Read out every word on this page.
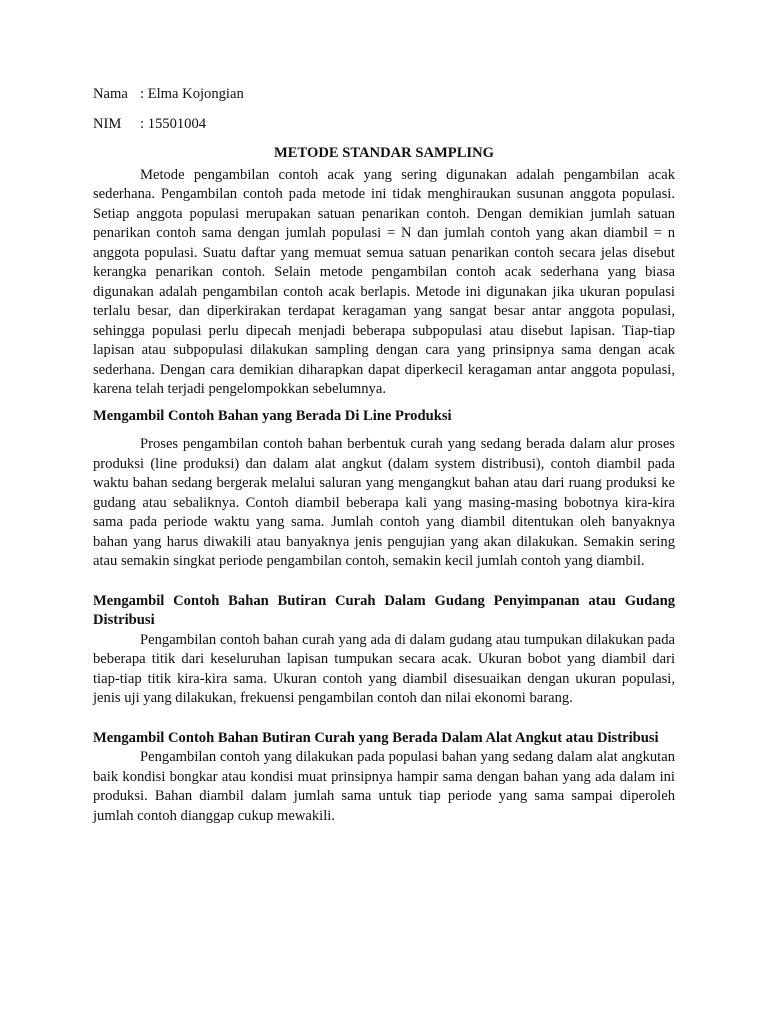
Nama : Elma Kojongian
NIM : 15501004
METODE STANDAR SAMPLING

Metode pengambilan contoh acak yang sering digunakan adalah pengambilan acak sederhana. Pengambilan contoh pada metode ini tidak menghiraukan susunan anggota populasi. Setiap anggota populasi merupakan satuan penarikan contoh. Dengan demikian jumlah satuan penarikan contoh sama dengan jumlah populasi = N dan jumlah contoh yang akan diambil = n anggota populasi. Suatu daftar yang memuat semua satuan penarikan contoh secara jelas disebut kerangka penarikan contoh. Selain metode pengambilan contoh acak sederhana yang biasa digunakan adalah pengambilan contoh acak berlapis. Metode ini digunakan jika ukuran populasi terlalu besar, dan diperkirakan terdapat keragaman yang sangat besar antar anggota populasi, sehingga populasi perlu dipecah menjadi beberapa subpopulasi atau disebut lapisan. Tiap-tiap lapisan atau subpopulasi dilakukan sampling dengan cara yang prinsipnya sama dengan acak sederhana. Dengan cara demikian diharapkan dapat diperkecil keragaman antar anggota populasi, karena telah terjadi pengelompokkan sebelumnya.

Mengambil Contoh Bahan yang Berada Di Line Produksi

Proses pengambilan contoh bahan berbentuk curah yang sedang berada dalam alur proses produksi (line produksi) dan dalam alat angkut (dalam system distribusi), contoh diambil pada waktu bahan sedang bergerak melalui saluran yang mengangkut bahan atau dari ruang produksi ke gudang atau sebaliknya. Contoh diambil beberapa kali yang masing-masing bobotnya kira-kira sama pada periode waktu yang sama. Jumlah contoh yang diambil ditentukan oleh banyaknya bahan yang harus diwakili atau banyaknya jenis pengujian yang akan dilakukan. Semakin sering atau semakin singkat periode pengambilan contoh, semakin kecil jumlah contoh yang diambil.

Mengambil Contoh Bahan Butiran Curah Dalam Gudang Penyimpanan atau Gudang Distribusi

Pengambilan contoh bahan curah yang ada di dalam gudang atau tumpukan dilakukan pada beberapa titik dari keseluruhan lapisan tumpukan secara acak. Ukuran bobot yang diambil dari tiap-tiap titik kira-kira sama. Ukuran contoh yang diambil disesuaikan dengan ukuran populasi, jenis uji yang dilakukan, frekuensi pengambilan contoh dan nilai ekonomi barang.

Mengambil Contoh Bahan Butiran Curah yang Berada Dalam Alat Angkut atau Distribusi

Pengambilan contoh yang dilakukan pada populasi bahan yang sedang dalam alat angkutan baik kondisi bongkar atau kondisi muat prinsipnya hampir sama dengan bahan yang ada dalam ini produksi. Bahan diambil dalam jumlah sama untuk tiap periode yang sama sampai diperoleh jumlah contoh dianggap cukup mewakili.
